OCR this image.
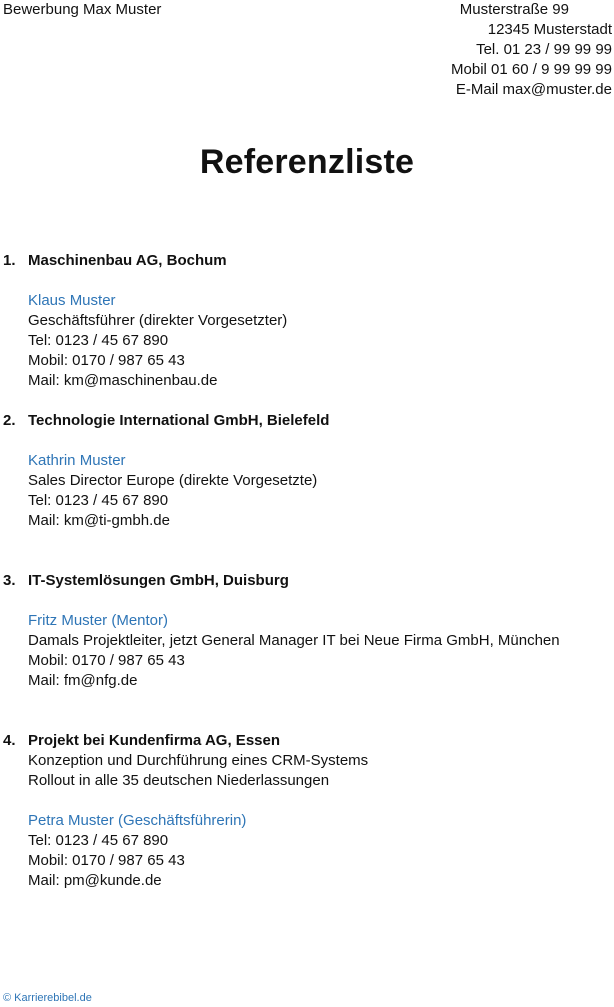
Bewerbung Max Muster	Musterstraße 99
12345 Musterstadt
Tel. 01 23 / 99 99 99
Mobil 01 60 / 9 99 99 99
E-Mail max@muster.de
Referenzliste
1. Maschinenbau AG, Bochum
Klaus Muster
Geschäftsführer (direkter Vorgesetzter)
Tel: 0123 / 45 67 890
Mobil: 0170 / 987 65 43
Mail: km@maschinenbau.de
2. Technologie International GmbH, Bielefeld
Kathrin Muster
Sales Director Europe (direkte Vorgesetzte)
Tel: 0123 / 45 67 890
Mail: km@ti-gmbh.de
3. IT-Systemlösungen GmbH, Duisburg
Fritz Muster (Mentor)
Damals Projektleiter, jetzt General Manager IT bei Neue Firma GmbH, München
Mobil: 0170 / 987 65 43
Mail: fm@nfg.de
4. Projekt bei Kundenfirma AG, Essen
Konzeption und Durchführung eines CRM-Systems
Rollout in alle 35 deutschen Niederlassungen
Petra Muster (Geschäftsführerin)
Tel: 0123 / 45 67 890
Mobil: 0170 / 987 65 43
Mail: pm@kunde.de
© Karrierebibel.de
